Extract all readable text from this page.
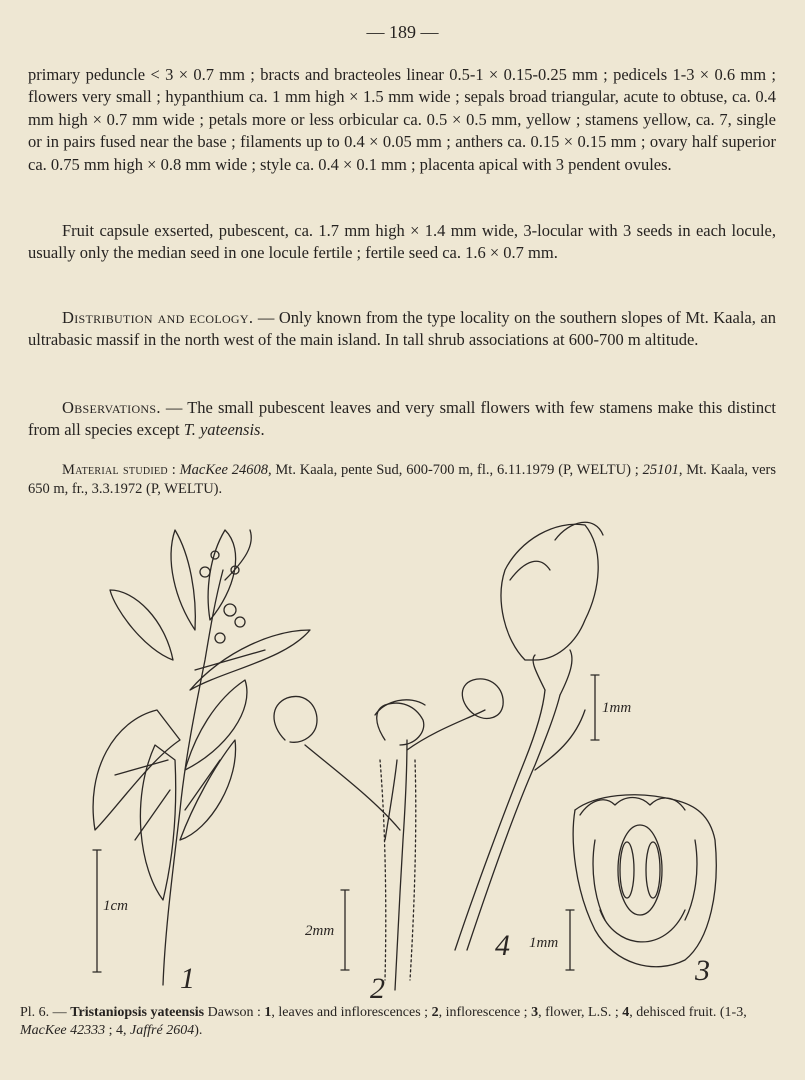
— 189 —

primary peduncle < 3 × 0.7 mm ; bracts and bracteoles linear 0.5-1 × 0.15-0.25 mm ; pedicels 1-3 × 0.6 mm ; flowers very small ; hypanthium ca. 1 mm high × 1.5 mm wide ; sepals broad triangular, acute to obtuse, ca. 0.4 mm high × 0.7 mm wide ; petals more or less orbicular ca. 0.5 × 0.5 mm, yellow ; stamens yellow, ca. 7, single or in pairs fused near the base ; filaments up to 0.4 × 0.05 mm ; anthers ca. 0.15 × 0.15 mm ; ovary half superior ca. 0.75 mm high × 0.8 mm wide ; style ca. 0.4 × 0.1 mm ; placenta apical with 3 pendent ovules.

Fruit capsule exserted, pubescent, ca. 1.7 mm high × 1.4 mm wide, 3-locular with 3 seeds in each locule, usually only the median seed in one locule fertile ; fertile seed ca. 1.6 × 0.7 mm.

Distribution and ecology. — Only known from the type locality on the southern slopes of Mt. Kaala, an ultrabasic massif in the north west of the main island. In tall shrub associations at 600-700 m altitude.

Observations. — The small pubescent leaves and very small flowers with few stamens make this distinct from all species except T. yateensis.

Material studied : MacKee 24608, Mt. Kaala, pente Sud, 600-700 m, fl., 6.11.1979 (P, WELTU) ; 25101, Mt. Kaala, vers 650 m, fr., 3.3.1972 (P, WELTU).

1	2
3
4
1cm
2mm
1mm
1mm

Pl. 6. — Tristaniopsis yateensis Dawson : 1, leaves and inflorescences ; 2, inflorescence ; 3, flower, L.S. ; 4, dehisced fruit. (1-3, MacKee 42333 ; 4, Jaffré 2604).
